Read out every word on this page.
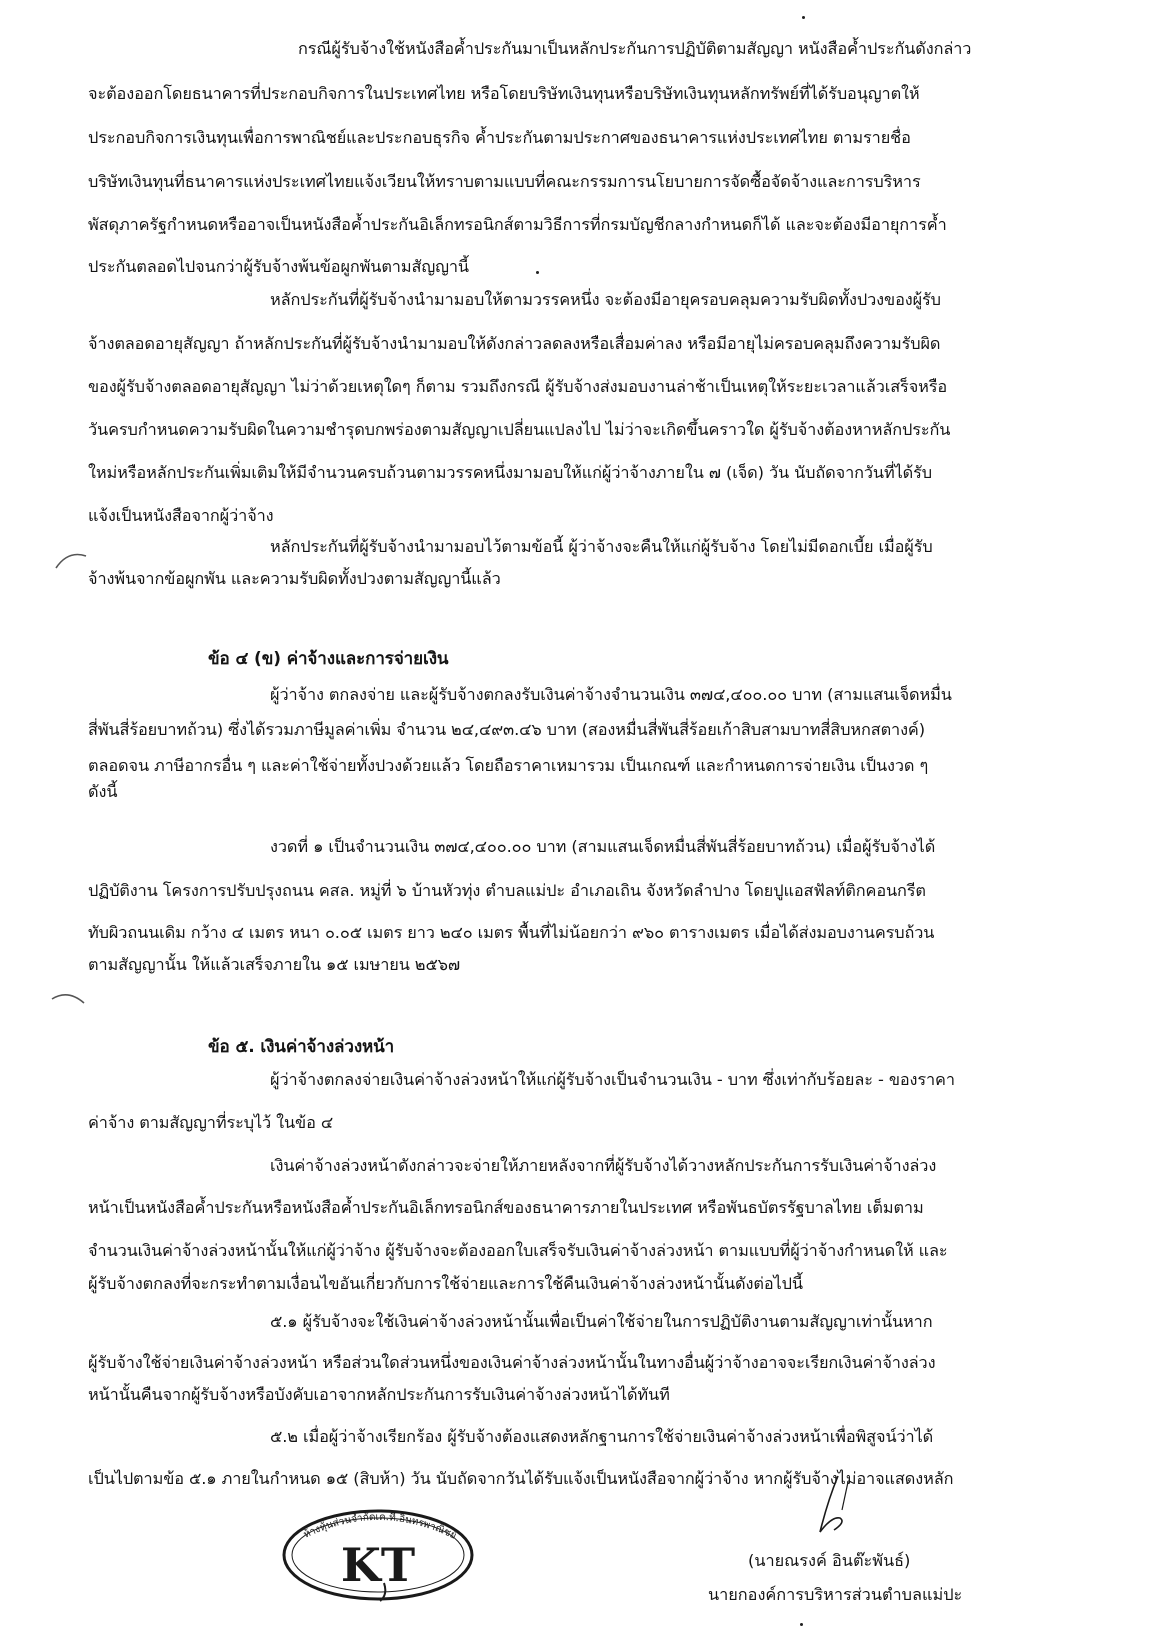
กรณีผู้รับจ้างใช้หนังสือค้ำประกันมาเป็นหลักประกันการปฏิบัติตามสัญญา หนังสือค้ำประกันดังกล่าว
จะต้องออกโดยธนาคารที่ประกอบกิจการในประเทศไทย หรือโดยบริษัทเงินทุนหรือบริษัทเงินทุนหลักทรัพย์ที่ได้รับอนุญาตให้
ประกอบกิจการเงินทุนเพื่อการพาณิชย์และประกอบธุรกิจ ค้ำประกันตามประกาศของธนาคารแห่งประเทศไทย ตามรายชื่อ
บริษัทเงินทุนที่ธนาคารแห่งประเทศไทยแจ้งเวียนให้ทราบตามแบบที่คณะกรรมการนโยบายการจัดซื้อจัดจ้างและการบริหาร
พัสดุภาครัฐกำหนดหรืออาจเป็นหนังสือค้ำประกันอิเล็กทรอนิกส์ตามวิธีการที่กรมบัญชีกลางกำหนดก็ได้ และจะต้องมีอายุการค้ำ
ประกันตลอดไปจนกว่าผู้รับจ้างพ้นข้อผูกพันตามสัญญานี้
หลักประกันที่ผู้รับจ้างนำมามอบให้ตามวรรคหนึ่ง จะต้องมีอายุครอบคลุมความรับผิดทั้งปวงของผู้รับ
จ้างตลอดอายุสัญญา ถ้าหลักประกันที่ผู้รับจ้างนำมามอบให้ดังกล่าวลดลงหรือเสื่อมค่าลง หรือมีอายุไม่ครอบคลุมถึงความรับผิด
ของผู้รับจ้างตลอดอายุสัญญา ไม่ว่าด้วยเหตุใดๆ ก็ตาม รวมถึงกรณี ผู้รับจ้างส่งมอบงานล่าช้าเป็นเหตุให้ระยะเวลาแล้วเสร็จหรือ
วันครบกำหนดความรับผิดในความชำรุดบกพร่องตามสัญญาเปลี่ยนแปลงไป ไม่ว่าจะเกิดขึ้นคราวใด ผู้รับจ้างต้องหาหลักประกัน
ใหม่หรือหลักประกันเพิ่มเติมให้มีจำนวนครบถ้วนตามวรรคหนึ่งมามอบให้แก่ผู้ว่าจ้างภายใน ๗ (เจ็ด) วัน นับถัดจากวันที่ได้รับ
แจ้งเป็นหนังสือจากผู้ว่าจ้าง
หลักประกันที่ผู้รับจ้างนำมามอบไว้ตามข้อนี้ ผู้ว่าจ้างจะคืนให้แก่ผู้รับจ้าง โดยไม่มีดอกเบี้ย เมื่อผู้รับ
จ้างพ้นจากข้อผูกพัน และความรับผิดทั้งปวงตามสัญญานี้แล้ว
ข้อ ๔ (ข) ค่าจ้างและการจ่ายเงิน
ผู้ว่าจ้าง ตกลงจ่าย และผู้รับจ้างตกลงรับเงินค่าจ้างจำนวนเงิน ๓๗๔,๔๐๐.๐๐ บาท (สามแสนเจ็ดหมื่น
สี่พันสี่ร้อยบาทถ้วน) ซึ่งได้รวมภาษีมูลค่าเพิ่ม จำนวน ๒๔,๔๙๓.๔๖ บาท (สองหมื่นสี่พันสี่ร้อยเก้าสิบสามบาทสี่สิบหกสตางค์)
ตลอดจน ภาษีอากรอื่น ๆ และค่าใช้จ่ายทั้งปวงด้วยแล้ว โดยถือราคาเหมารวม เป็นเกณฑ์ และกำหนดการจ่ายเงิน เป็นงวด ๆ
ดังนี้
งวดที่ ๑ เป็นจำนวนเงิน ๓๗๔,๔๐๐.๐๐ บาท (สามแสนเจ็ดหมื่นสี่พันสี่ร้อยบาทถ้วน) เมื่อผู้รับจ้างได้
ปฏิบัติงาน โครงการปรับปรุงถนน คสล. หมู่ที่ ๖ บ้านหัวทุ่ง ตำบลแม่ปะ อำเภอเถิน จังหวัดลำปาง โดยปูแอสฟัลท์ติกคอนกรีต
ทับผิวถนนเดิม กว้าง ๔ เมตร หนา ๐.๐๕ เมตร ยาว ๒๔๐ เมตร พื้นที่ไม่น้อยกว่า ๙๖๐ ตารางเมตร เมื่อได้ส่งมอบงานครบถ้วน
ตามสัญญานั้น ให้แล้วเสร็จภายใน ๑๕ เมษายน ๒๕๖๗
ข้อ ๕. เงินค่าจ้างล่วงหน้า
ผู้ว่าจ้างตกลงจ่ายเงินค่าจ้างล่วงหน้าให้แก่ผู้รับจ้างเป็นจำนวนเงิน - บาท ซึ่งเท่ากับร้อยละ - ของราคา
ค่าจ้าง ตามสัญญาที่ระบุไว้ ในข้อ ๔
เงินค่าจ้างล่วงหน้าดังกล่าวจะจ่ายให้ภายหลังจากที่ผู้รับจ้างได้วางหลักประกันการรับเงินค่าจ้างล่วง
หน้าเป็นหนังสือค้ำประกันหรือหนังสือค้ำประกันอิเล็กทรอนิกส์ของธนาคารภายในประเทศ หรือพันธบัตรรัฐบาลไทย เต็มตาม
จำนวนเงินค่าจ้างล่วงหน้านั้นให้แก่ผู้ว่าจ้าง ผู้รับจ้างจะต้องออกใบเสร็จรับเงินค่าจ้างล่วงหน้า ตามแบบที่ผู้ว่าจ้างกำหนดให้ และ
ผู้รับจ้างตกลงที่จะกระทำตามเงื่อนไขอันเกี่ยวกับการใช้จ่ายและการใช้คืนเงินค่าจ้างล่วงหน้านั้นดังต่อไปนี้
๕.๑ ผู้รับจ้างจะใช้เงินค่าจ้างล่วงหน้านั้นเพื่อเป็นค่าใช้จ่ายในการปฏิบัติงานตามสัญญาเท่านั้นหาก
ผู้รับจ้างใช้จ่ายเงินค่าจ้างล่วงหน้า หรือส่วนใดส่วนหนึ่งของเงินค่าจ้างล่วงหน้านั้นในทางอื่นผู้ว่าจ้างอาจจะเรียกเงินค่าจ้างล่วง
หน้านั้นคืนจากผู้รับจ้างหรือบังคับเอาจากหลักประกันการรับเงินค่าจ้างล่วงหน้าได้ทันที
๕.๒ เมื่อผู้ว่าจ้างเรียกร้อง ผู้รับจ้างต้องแสดงหลักฐานการใช้จ่ายเงินค่าจ้างล่วงหน้าเพื่อพิสูจน์ว่าได้
เป็นไปตามข้อ ๕.๑ ภายในกำหนด ๑๕ (สิบห้า) วัน นับถัดจากวันได้รับแจ้งเป็นหนังสือจากผู้ว่าจ้าง หากผู้รับจ้างไม่อาจแสดงหลัก
ห้างหุ้นส่วนจำกัดเค.ที.อินทรพาณิชย์
KT	(นายณรงค์ อินต๊ะพันธ์)
นายกองค์การบริหารส่วนตำบลแม่ปะ
